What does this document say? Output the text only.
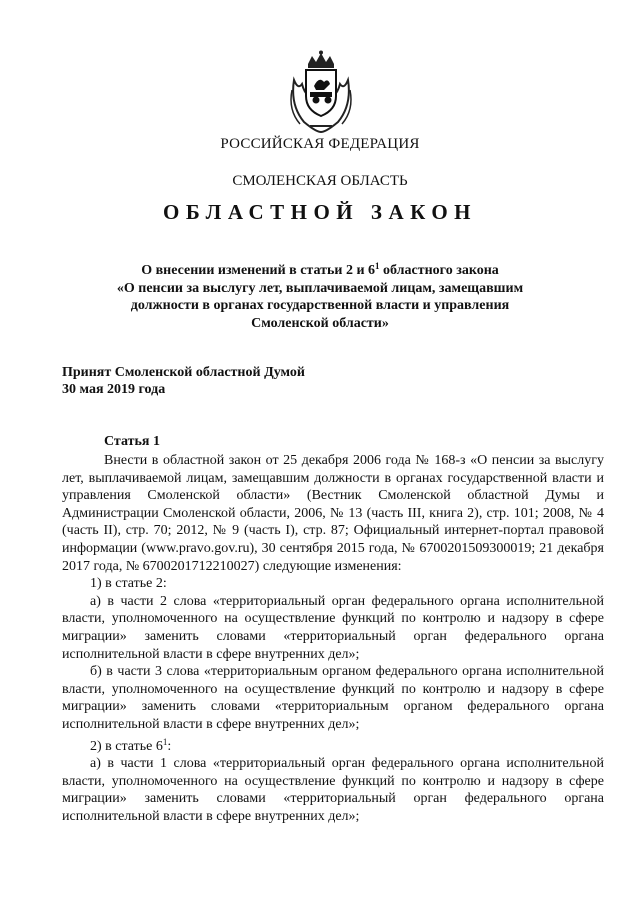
РОССИЙСКАЯ ФЕДЕРАЦИЯ
СМОЛЕНСКАЯ ОБЛАСТЬ
ОБЛАСТНОЙ ЗАКОН
О внесении изменений в статьи 2 и $6^1$ областного закона
«О пенсии за выслугу лет, выплачиваемой лицам, замещавшим
должности в органах государственной власти и управления
Смоленской области»
Принят Смоленской областной Думой
30 мая 2019 года
Статья 1

Внести в областной закон от 25 декабря 2006 года № 168-з «О пенсии за выслугу лет, выплачиваемой лицам, замещавшим должности в органах государственной власти и управления Смоленской области» (Вестник Смоленской областной Думы и Администрации Смоленской области, 2006, № 13 (часть III, книга 2), стр. 101; 2008, № 4 (часть II), стр. 70; 2012, № 9 (часть I), стр. 87; Официальный интернет-портал правовой информации (www.pravo.gov.ru), 30 сентября 2015 года, № 6700201509300019; 21 декабря 2017 года, № 6700201712210027) следующие изменения:

1) в статье 2:

а) в части 2 слова «территориальный орган федерального органа исполнительной власти, уполномоченного на осуществление функций по контролю и надзору в сфере миграции» заменить словами «территориальный орган федерального органа исполнительной власти в сфере внутренних дел»;

б) в части 3 слова «территориальным органом федерального органа исполнительной власти, уполномоченного на осуществление функций по контролю и надзору в сфере миграции» заменить словами «территориальным органом федерального органа исполнительной власти в сфере внутренних дел»;

2) в статье $6^1$:

а) в части 1 слова «территориальный орган федерального органа исполнительной власти, уполномоченного на осуществление функций по контролю и надзору в сфере миграции» заменить словами «территориальный орган федерального органа исполнительной власти в сфере внутренних дел»;
